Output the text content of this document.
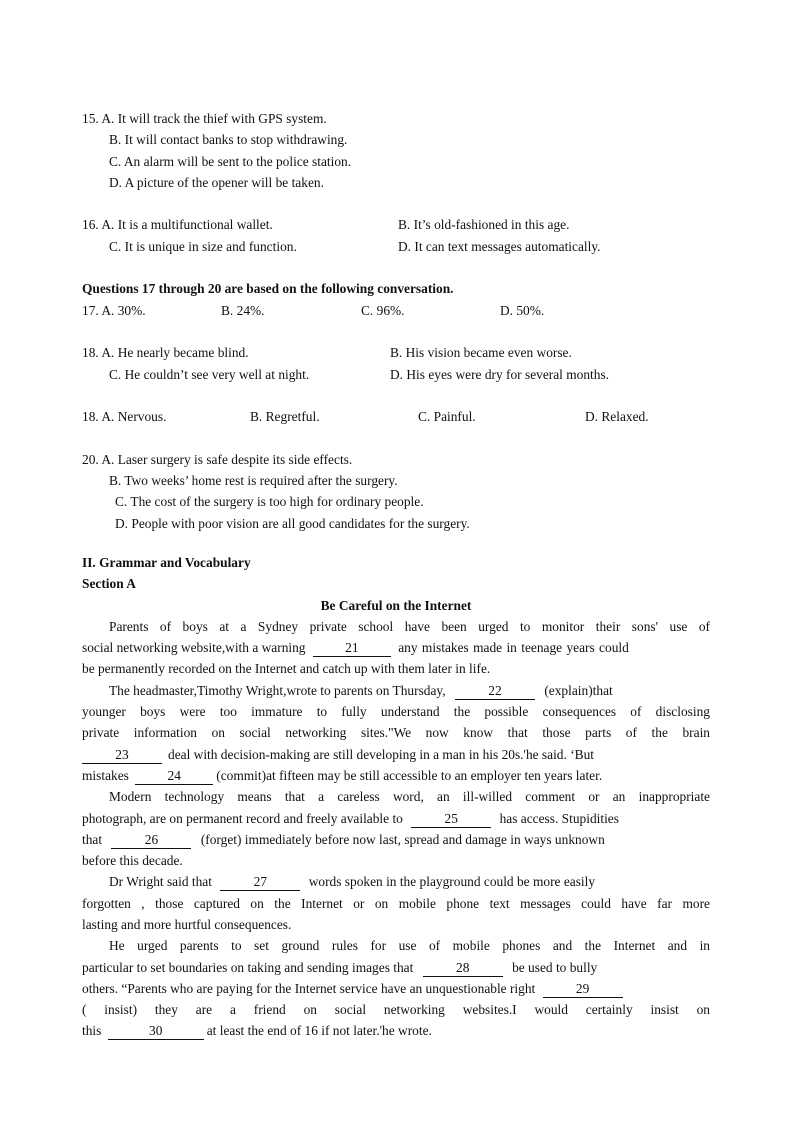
15. A. It will track the thief with GPS system.
B. It will contact banks to stop withdrawing.
C. An alarm will be sent to the police station.
D. A picture of the opener will be taken.
16. A. It is a multifunctional wallet.	B. It’s old-fashioned in this age.
C. It is unique in size and function.	D. It can text messages automatically.
Questions 17 through 20 are based on the following conversation.
17. A. 30%.	B. 24%.	C. 96%.	D. 50%.
18. A. He nearly became blind.	B. His vision became even worse.
C. He couldn’t see very well at night.	D. His eyes were dry for several months.
18. A. Nervous.	B. Regretful.	C. Painful.	D. Relaxed.
20. A. Laser surgery is safe despite its side effects.
B. Two weeks’ home rest is required after the surgery.
C. The cost of the surgery is too high for ordinary people.
D. People with poor vision are all good candidates for the surgery.
II. Grammar and Vocabulary
Section A
Be Careful on the Internet
Parents of boys at a Sydney private school have been urged to monitor their sons' use of
social networking website,with a warning	21	any mistakes made in teenage years could
be permanently recorded on the Internet and catch up with them later in life.
The headmaster,Timothy Wright,wrote to parents on Thursday,	22	(explain)that
younger boys were too immature to fully understand the possible consequences of disclosing
private information on social networking sites."We now know that those parts of the brain
23	deal with decision-making are still developing in a man in his 20s.'he said. ‘But
mistakes	24	(commit)at fifteen may be still accessible to an employer ten years later.
Modern technology means that a careless word, an ill-willed comment or an inappropriate
photograph, are on permanent record and freely available to	25	has access. Stupidities
that	26	(forget) immediately before now last, spread and damage in ways unknown
before this decade.
Dr Wright said that	27	words spoken in the playground could be more easily
forgotten , those captured on the Internet or on mobile phone text messages could have far more
lasting and more hurtful consequences.
He urged parents to set ground rules for use of mobile phones and the Internet and in
particular to set boundaries on taking and sending images that	28	be used to bully
others. “Parents who are paying for the Internet service have an unquestionable right	29
( insist) they are a friend on social networking websites.I would certainly insist on
this	30	at least the end of 16 if not later.'he wrote.
